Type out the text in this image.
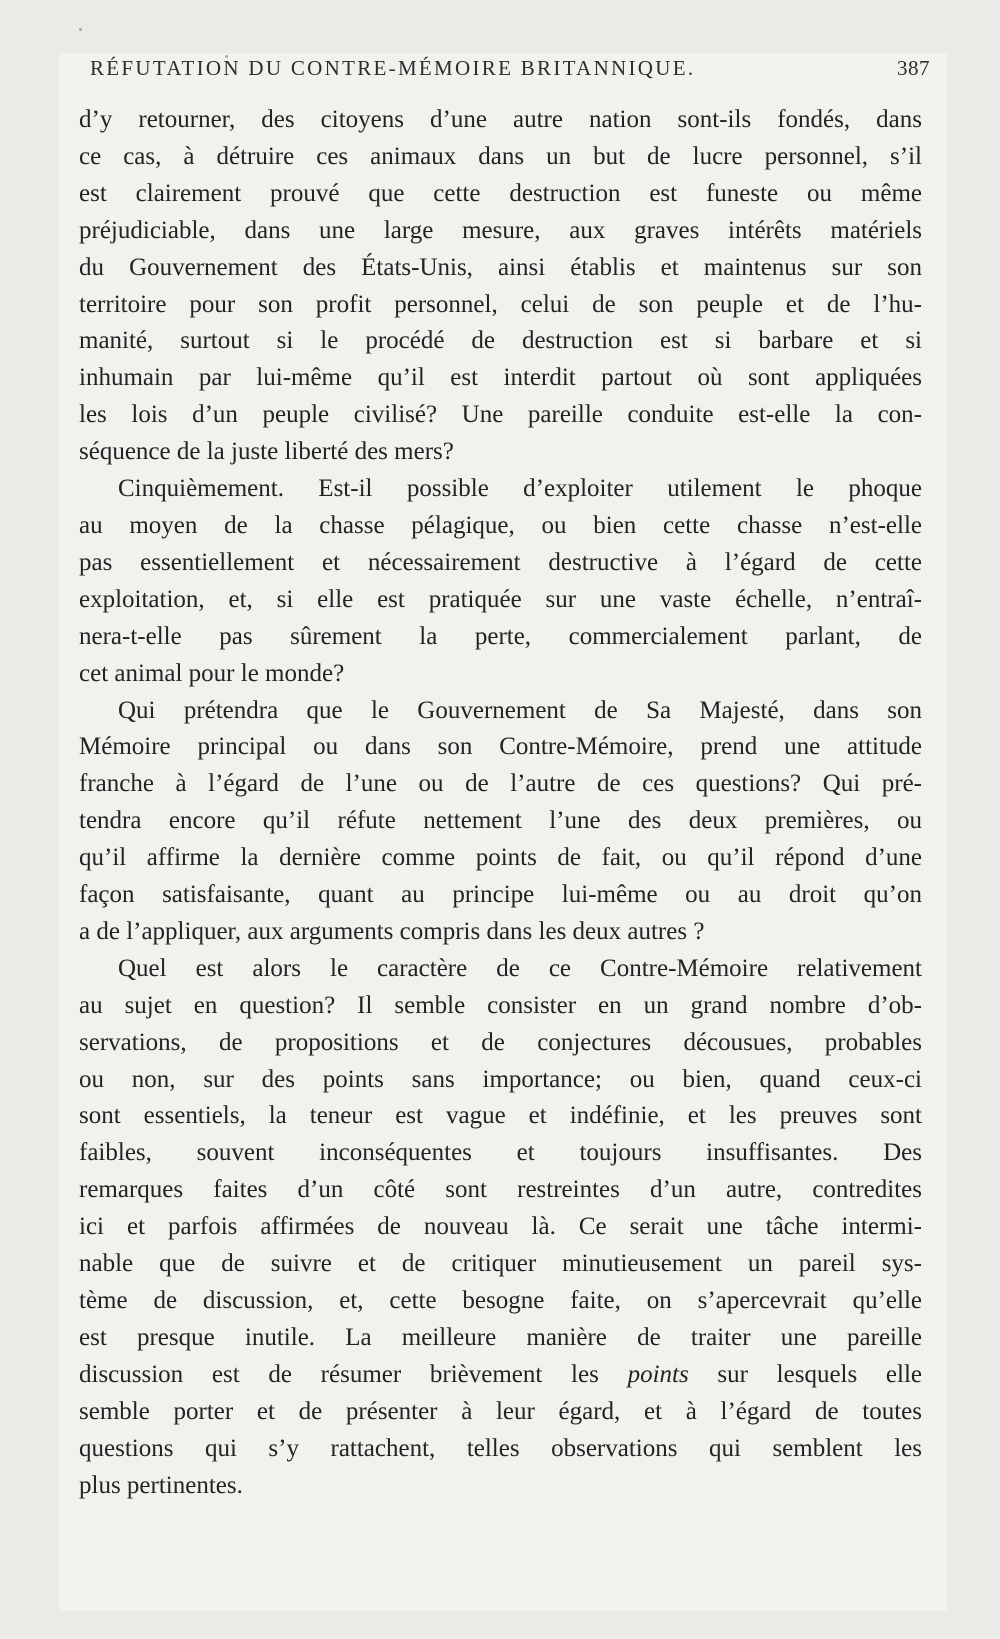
RÉFUTATION DU CONTRE-MÉMOIRE BRITANNIQUE.	387

d’y retourner, des citoyens d’une autre nation sont-ils fondés, dans
ce cas, à détruire ces animaux dans un but de lucre personnel, s’il
est clairement prouvé que cette destruction est funeste ou même
préjudiciable, dans une large mesure, aux graves intérêts matériels
du Gouvernement des États-Unis, ainsi établis et maintenus sur son
territoire pour son profit personnel, celui de son peuple et de l’hu-
manité, surtout si le procédé de destruction est si barbare et si
inhumain par lui-même qu’il est interdit partout où sont appliquées
les lois d’un peuple civilisé? Une pareille conduite est-elle la con-
séquence de la juste liberté des mers?

Cinquièmement. Est-il possible d’exploiter utilement le phoque
au moyen de la chasse pélagique, ou bien cette chasse n’est-elle
pas essentiellement et nécessairement destructive à l’égard de cette
exploitation, et, si elle est pratiquée sur une vaste échelle, n’entraî-
nera-t-elle pas sûrement la perte, commercialement parlant, de
cet animal pour le monde?

Qui prétendra que le Gouvernement de Sa Majesté, dans son
Mémoire principal ou dans son Contre-Mémoire, prend une attitude
franche à l’égard de l’une ou de l’autre de ces questions? Qui pré-
tendra encore qu’il réfute nettement l’une des deux premières, ou
qu’il affirme la dernière comme points de fait, ou qu’il répond d’une
façon satisfaisante, quant au principe lui-même ou au droit qu’on
a de l’appliquer, aux arguments compris dans les deux autres ?

Quel est alors le caractère de ce Contre-Mémoire relativement
au sujet en question? Il semble consister en un grand nombre d’ob-
servations, de propositions et de conjectures décousues, probables
ou non, sur des points sans importance; ou bien, quand ceux-ci
sont essentiels, la teneur est vague et indéfinie, et les preuves sont
faibles, souvent inconséquentes et toujours insuffisantes. Des
remarques faites d’un côté sont restreintes d’un autre, contredites
ici et parfois affirmées de nouveau là. Ce serait une tâche intermi-
nable que de suivre et de critiquer minutieusement un pareil sys-
tème de discussion, et, cette besogne faite, on s’apercevrait qu’elle
est presque inutile. La meilleure manière de traiter une pareille
discussion est de résumer brièvement les points sur lesquels elle
semble porter et de présenter à leur égard, et à l’égard de toutes
questions qui s’y rattachent, telles observations qui semblent les
plus pertinentes.
